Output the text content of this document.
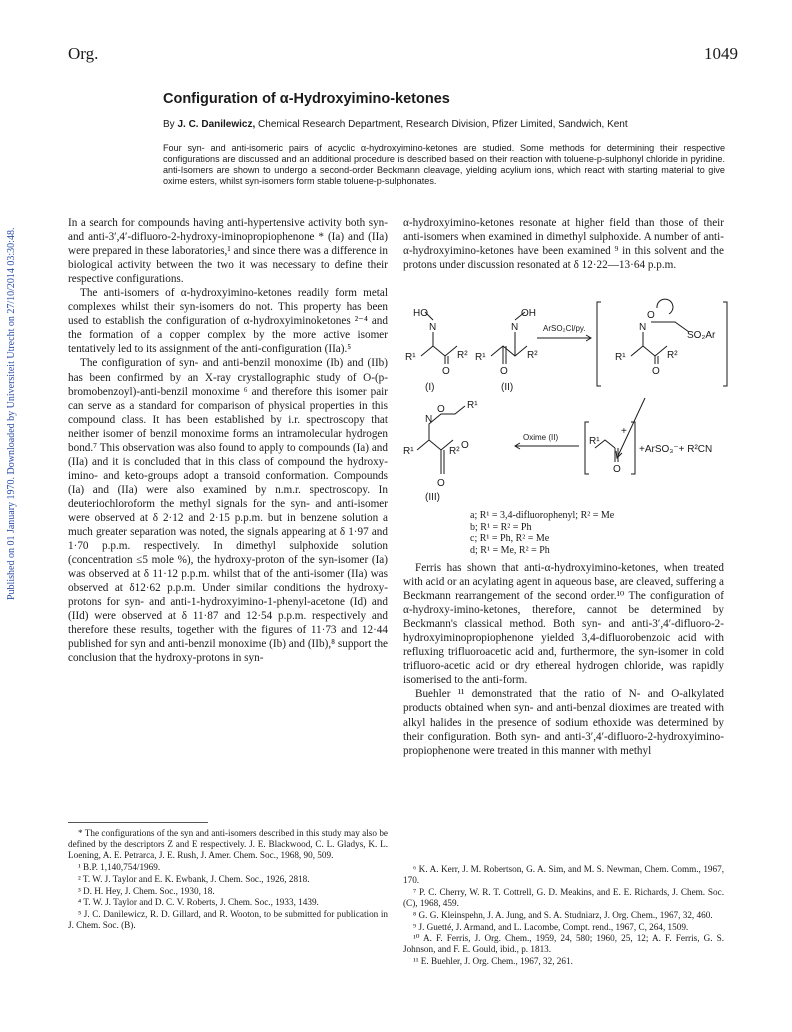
Org.	1049
Published on 01 January 1970. Downloaded by Universiteit Utrecht on 27/10/2014 03:30:48.
Configuration of α-Hydroxyimino-ketones
By J. C. Danilewicz, Chemical Research Department, Research Division, Pfizer Limited, Sandwich, Kent
Four syn- and anti-isomeric pairs of acyclic α-hydroxyimino-ketones are studied. Some methods for determining their respective configurations are discussed and an additional procedure is described based on their reaction with toluene-p-sulphonyl chloride in pyridine. anti-Isomers are shown to undergo a second-order Beckmann cleavage, yielding acylium ions, which react with starting material to give oxime esters, whilst syn-isomers form stable toluene-p-sulphonates.

In a search for compounds having anti-hypertensive activity both syn- and anti-3′,4′-difluoro-2-hydroxy-iminopropiophenone * (Ia) and (IIa) were prepared in these laboratories,¹ and since there was a difference in biological activity between the two it was necessary to define their respective configurations.

The anti-isomers of α-hydroxyimino-ketones readily form metal complexes whilst their syn-isomers do not. This property has been used to establish the configuration of α-hydroxyiminoketones ²⁻⁴ and the formation of a copper complex by the more active isomer tentatively led to its assignment of the anti-configuration (IIa).⁵

The configuration of syn- and anti-benzil monoxime (Ib) and (IIb) has been confirmed by an X-ray crystallographic study of O-(p-bromobenzoyl)-anti-benzil monoxime ⁶ and therefore this isomer pair can serve as a standard for comparison of physical properties in this compound class. It has been established by i.r. spectroscopy that neither isomer of benzil monoxime forms an intramolecular hydrogen bond.⁷ This observation was also found to apply to compounds (Ia) and (IIa) and it is concluded that in this class of compound the hydroxy-imino- and keto-groups adopt a transoid conformation. Compounds (Ia) and (IIa) were also examined by n.m.r. spectroscopy. In deuteriochloroform the methyl signals for the syn- and anti-isomer were observed at δ 2·12 and 2·15 p.p.m. but in benzene solution a much greater separation was noted, the signals appearing at δ 1·97 and 1·70 p.p.m. respectively. In dimethyl sulphoxide solution (concentration ≤5 mole %), the hydroxy-proton of the syn-isomer (Ia) was observed at δ 11·12 p.p.m. whilst that of the anti-isomer (IIa) was observed at δ12·62 p.p.m. Under similar conditions the hydroxy-protons for syn- and anti-1-hydroxyimino-1-phenyl-acetone (Id) and (IId) were observed at δ 11·87 and 12·54 p.p.m. respectively and therefore these results, together with the figures of 11·73 and 12·44 published for syn and anti-benzil monoxime (Ib) and (IIb),⁸ support the conclusion that the hydroxy-protons in syn-

α-hydroxyimino-ketones resonate at higher field than those of their anti-isomers when examined in dimethyl sulphoxide. A number of anti-α-hydroxyimino-ketones have been examined ⁹ in this solvent and the protons under discussion resonated at δ 12·22—13·64 p.p.m.

HO
N
R¹	R²
O
OH
N
R¹	R²
O
(I)	(II)
ArSO₂Cl/py.	N
O
SO₂Ar
R¹	R²
O
N
O R¹
R¹	R²
O
O
(III)
Oxime (II)	R¹
+
O
+ArSO₃⁻+ R²CN
a; R¹ = 3,4-difluorophenyl; R² = Me
b; R¹ = R² = Ph
c; R¹ = Ph, R² = Me
d; R¹ = Me, R² = Ph

Ferris has shown that anti-α-hydroxyimino-ketones, when treated with acid or an acylating agent in aqueous base, are cleaved, suffering a Beckmann rearrangement of the second order.¹⁰ The configuration of α-hydroxy-imino-ketones, therefore, cannot be determined by Beckmann's classical method. Both syn- and anti-3′,4′-difluoro-2-hydroxyiminopropiophenone yielded 3,4-difluorobenzoic acid with refluxing trifluoroacetic acid and, furthermore, the syn-isomer in cold trifluoro-acetic acid or dry ethereal hydrogen chloride, was rapidly isomerised to the anti-form.

Buehler ¹¹ demonstrated that the ratio of N- and O-alkylated products obtained when syn- and anti-benzal dioximes are treated with alkyl halides in the presence of sodium ethoxide was determined by their configuration. Both syn- and anti-3′,4′-difluoro-2-hydroxyimino-propiophenone were treated in this manner with methyl

* The configurations of the syn and anti-isomers described in this study may also be defined by the descriptors Z and E respectively. J. E. Blackwood, C. L. Gladys, K. L. Loening, A. E. Petrarca, J. E. Rush, J. Amer. Chem. Soc., 1968, 90, 509.

¹ B.P. 1,140,754/1969.

² T. W. J. Taylor and E. K. Ewbank, J. Chem. Soc., 1926, 2818.

³ D. H. Hey, J. Chem. Soc., 1930, 18.

⁴ T. W. J. Taylor and D. C. V. Roberts, J. Chem. Soc., 1933, 1439.

⁵ J. C. Danilewicz, R. D. Gillard, and R. Wooton, to be submitted for publication in J. Chem. Soc. (B).

⁶ K. A. Kerr, J. M. Robertson, G. A. Sim, and M. S. Newman, Chem. Comm., 1967, 170.

⁷ P. C. Cherry, W. R. T. Cottrell, G. D. Meakins, and E. E. Richards, J. Chem. Soc. (C), 1968, 459.

⁸ G. G. Kleinspehn, J. A. Jung, and S. A. Studniarz, J. Org. Chem., 1967, 32, 460.

⁹ J. Guetté, J. Armand, and L. Lacombe, Compt. rend., 1967, C, 264, 1509.

¹⁰ A. F. Ferris, J. Org. Chem., 1959, 24, 580; 1960, 25, 12; A. F. Ferris, G. S. Johnson, and F. E. Gould, ibid., p. 1813.

¹¹ E. Buehler, J. Org. Chem., 1967, 32, 261.
